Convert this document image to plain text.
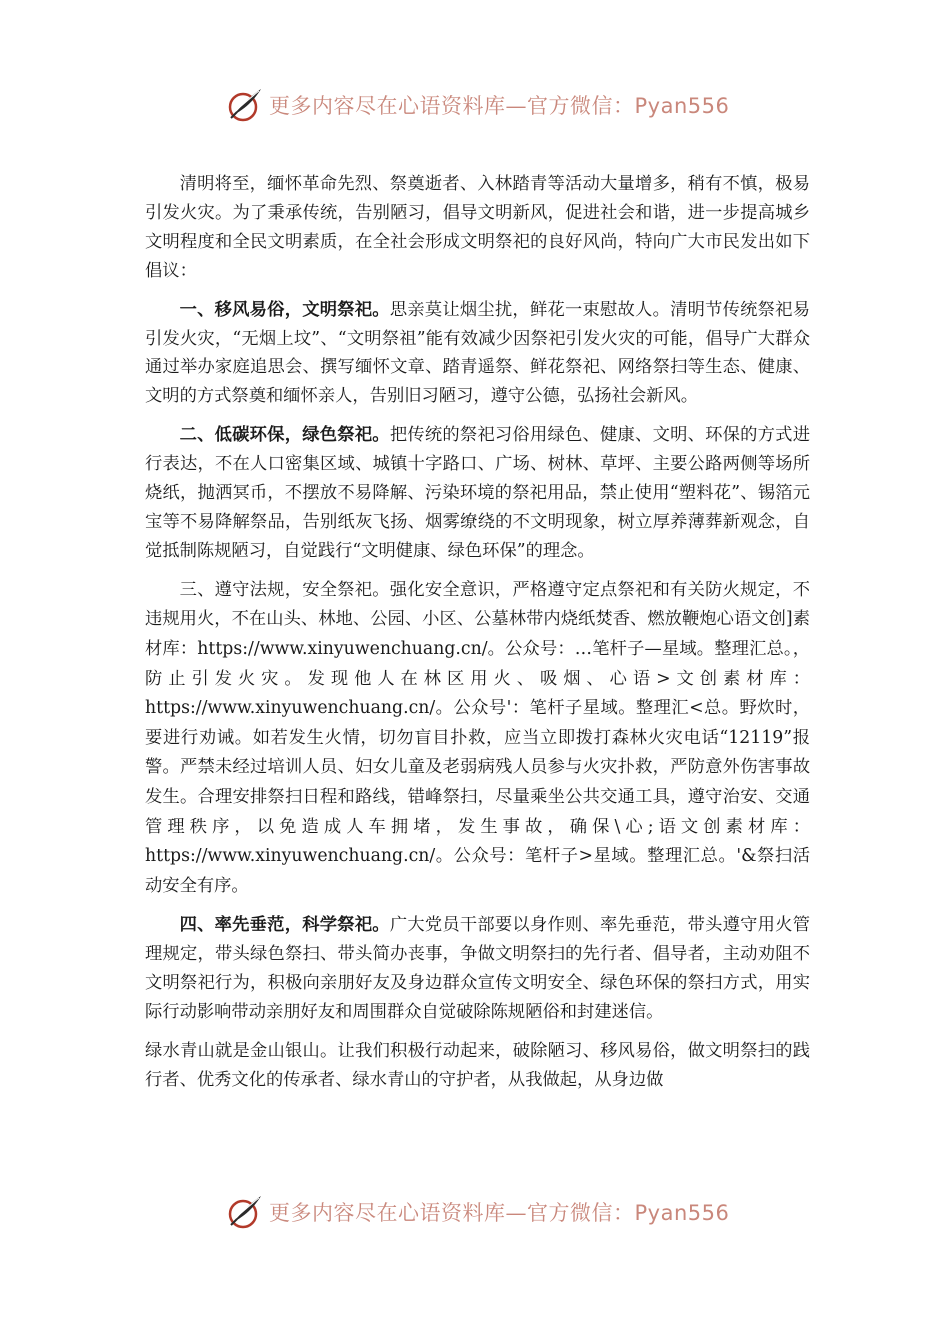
更多内容尽在心语资料库—官方微信：Pyan556

清明将至，缅怀革命先烈、祭奠逝者、入林踏青等活动大量增多，稍有不慎，极易引发火灾。为了秉承传统，告别陋习，倡导文明新风，促进社会和谐，进一步提高城乡文明程度和全民文明素质，在全社会形成文明祭祀的良好风尚，特向广大市民发出如下倡议：

一、移风易俗，文明祭祀。思亲莫让烟尘扰，鲜花一束慰故人。清明节传统祭祀易引发火灾，“无烟上坟”、“文明祭祖”能有效减少因祭祀引发火灾的可能，倡导广大群众通过举办家庭追思会、撰写缅怀文章、踏青遥祭、鲜花祭祀、网络祭扫等生态、健康、文明的方式祭奠和缅怀亲人，告别旧习陋习，遵守公德，弘扬社会新风。

二、低碳环保，绿色祭祀。把传统的祭祀习俗用绿色、健康、文明、环保的方式进行表达，不在人口密集区域、城镇十字路口、广场、树林、草坪、主要公路两侧等场所烧纸，抛洒冥币，不摆放不易降解、污染环境的祭祀用品，禁止使用“塑料花”、锡箔元宝等不易降解祭品，告别纸灰飞扬、烟雾缭绕的不文明现象，树立厚养薄葬新观念，自觉抵制陈规陋习，自觉践行“文明健康、绿色环保”的理念。

三、遵守法规，安全祭祀。强化安全意识，严格遵守定点祭祀和有关防火规定，不违规用火，不在山头、林地、公园、小区、公墓林带内烧纸焚香、燃放鞭炮心语文创]素材库：https://www.xinyuwenchuang.cn/。公众号：…笔杆子—星域。整理汇总。，防止引发火灾。发现他人在林区用火、吸烟、心语>文创素材库：https://www.xinyuwenchuang.cn/。公众号'：笔杆子星域。整理汇<总。野炊时，要进行劝诫。如若发生火情，切勿盲目扑救，应当立即拨打森林火灾电话“12119”报警。严禁未经过培训人员、妇女儿童及老弱病残人员参与火灾扑救，严防意外伤害事故发生。合理安排祭扫日程和路线，错峰祭扫，尽量乘坐公共交通工具，遵守治安、交通管理秩序，以免造成人车拥堵，发生事故，确保\心;语文创素材库：https://www.xinyuwenchuang.cn/。公众号：笔杆子>星域。整理汇总。'&祭扫活动安全有序。

四、率先垂范，科学祭祀。广大党员干部要以身作则、率先垂范，带头遵守用火管理规定，带头绿色祭扫、带头简办丧事，争做文明祭扫的先行者、倡导者，主动劝阻不文明祭祀行为，积极向亲朋好友及身边群众宣传文明安全、绿色环保的祭扫方式，用实际行动影响带动亲朋好友和周围群众自觉破除陈规陋俗和封建迷信。

绿水青山就是金山银山。让我们积极行动起来，破除陋习、移风易俗，做文明祭扫的践行者、优秀文化的传承者、绿水青山的守护者，从我做起，从身边做

更多内容尽在心语资料库—官方微信：Pyan556
